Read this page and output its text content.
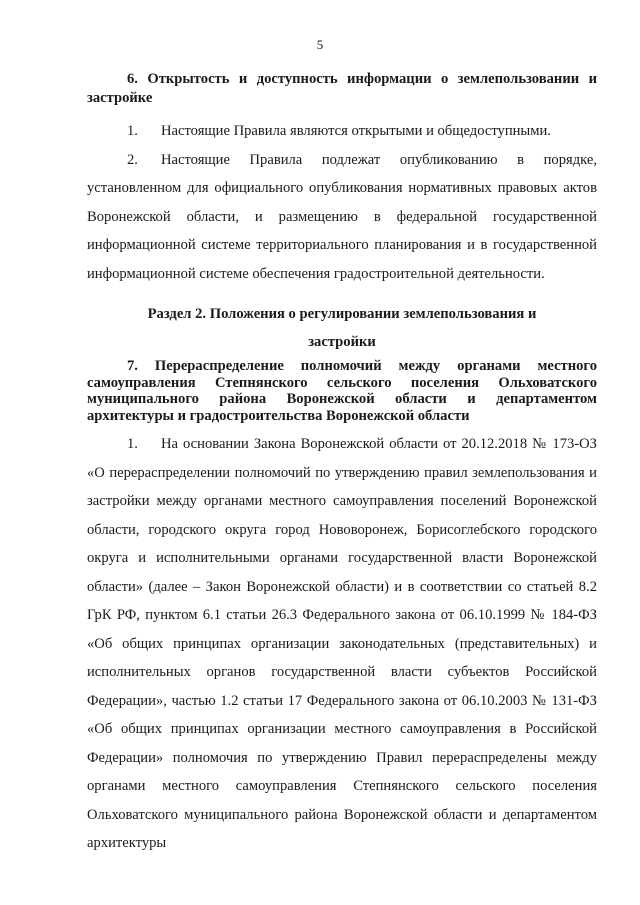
5

6. Открытость и доступность информации о землепользовании и застройке

1. Настоящие Правила являются открытыми и общедоступными.

2. Настоящие Правила подлежат опубликованию в порядке, установленном для официального опубликования нормативных правовых актов Воронежской области, и размещению в федеральной государственной информационной системе территориального планирования и в государственной информационной системе обеспечения градостроительной деятельности.

Раздел 2. Положения о регулировании землепользования и

застройки

7. Перераспределение полномочий между органами местного самоуправления Степнянского сельского поселения Ольховатского муниципального района Воронежской области и департаментом архитектуры и градостроительства Воронежской области

1. На основании Закона Воронежской области от 20.12.2018 № 173-ОЗ «О перераспределении полномочий по утверждению правил землепользования и застройки между органами местного самоуправления поселений Воронежской области, городского округа город Нововоронеж, Борисоглебского городского округа и исполнительными органами государственной власти Воронежской области» (далее – Закон Воронежской области) и в соответствии со статьей 8.2 ГрК РФ, пунктом 6.1 статьи 26.3 Федерального закона от 06.10.1999 № 184-ФЗ «Об общих принципах организации законодательных (представительных) и исполнительных органов государственной власти субъектов Российской Федерации», частью 1.2 статьи 17 Федерального закона от 06.10.2003 № 131-ФЗ «Об общих принципах организации местного самоуправления в Российской Федерации» полномочия по утверждению Правил перераспределены между органами местного самоуправления Степнянского сельского поселения Ольховатского муниципального района Воронежской области и департаментом архитектуры
